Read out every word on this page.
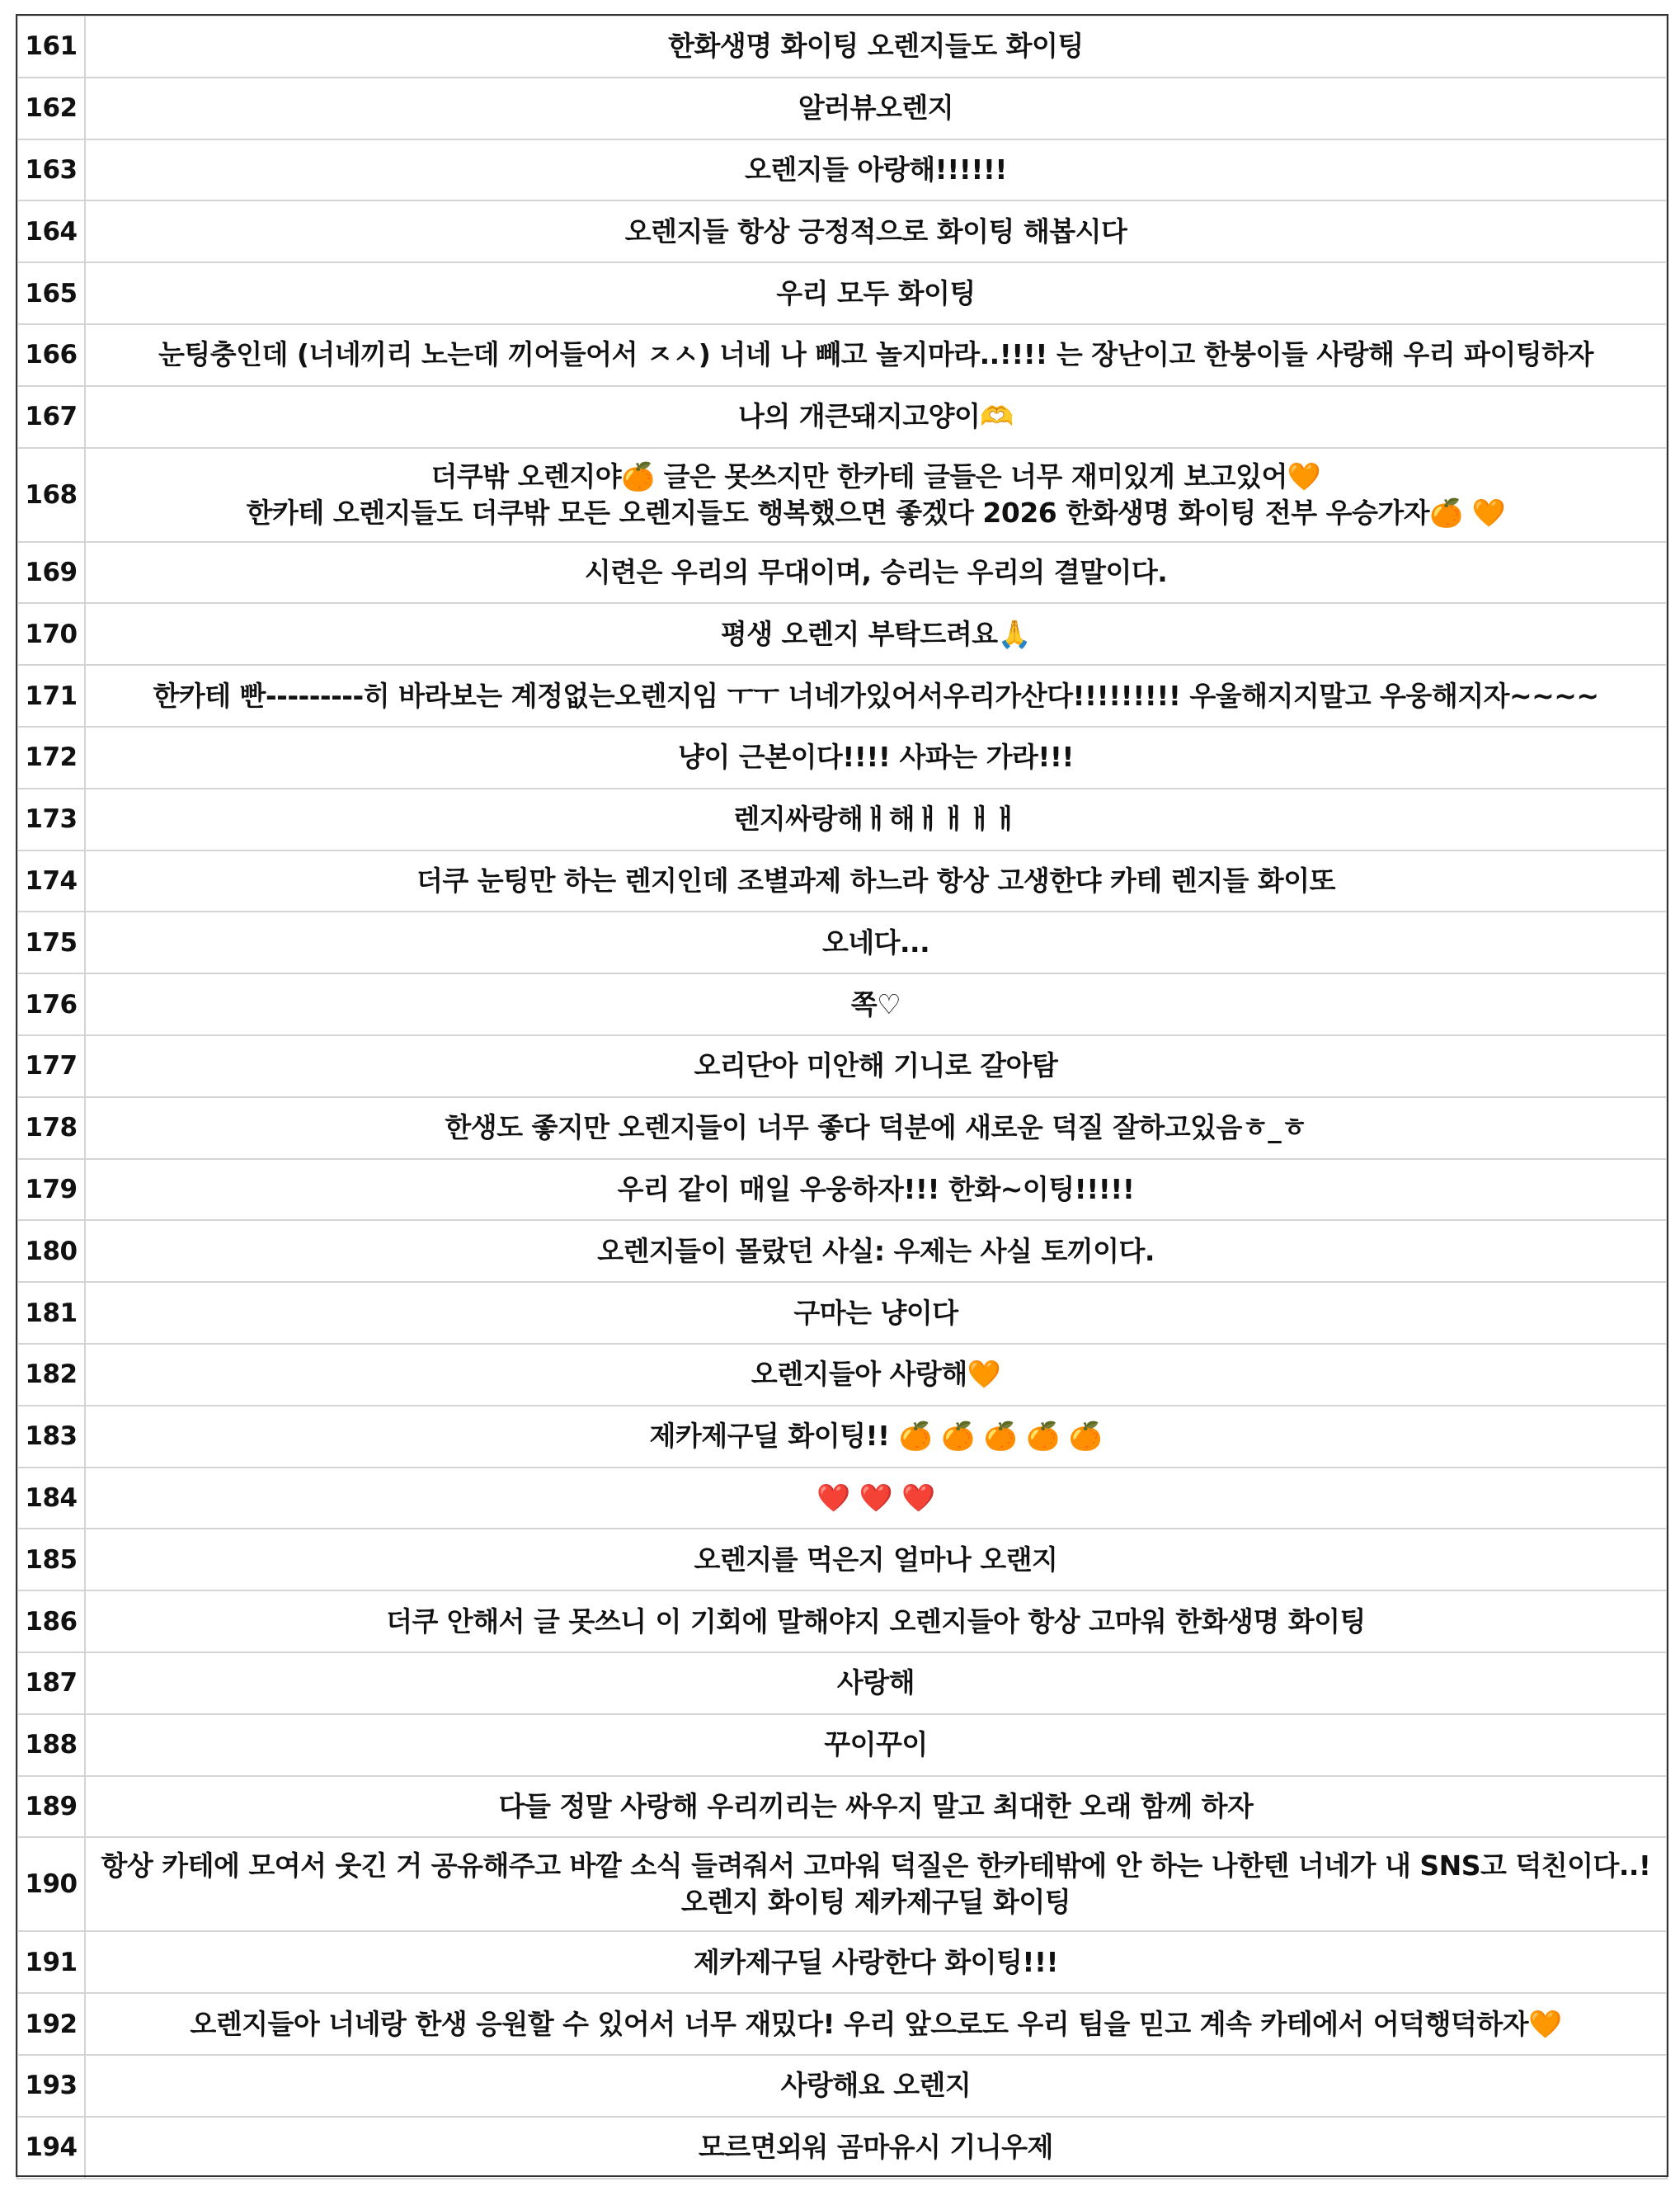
161	한화생명 화이팅 오렌지들도 화이팅
162	알러뷰오렌지
163	오렌지들 아랑해!!!!!!
164	오렌지들 항상 긍정적으로 화이팅 해봅시다
165	우리 모두 화이팅
166	눈팅충인데 (너네끼리 노는데 끼어들어서 ㅈㅅ) 너네 나 빼고 놀지마라..!!!! 는 장난이고 한붕이들 사랑해 우리 파이팅하자
167	나의 개큰돼지고양이🫶
168	더쿠밖 오렌지야🍊 글은 못쓰지만 한카테 글들은 너무 재미있게 보고있어🧡
한카테 오렌지들도 더쿠밖 모든 오렌지들도 행복했으면 좋겠다 2026 한화생명 화이팅 전부 우승가자🍊 🧡
169	시련은 우리의 무대이며, 승리는 우리의 결말이다.
170	평생 오렌지 부탁드려요🙏
171	한카테 빤---------히 바라보는 계정없는오렌지임 ㅜㅜ 너네가있어서우리가산다!!!!!!!!! 우울해지지말고 우웅해지자~~~~
172	냥이 근본이다!!!! 사파는 가라!!!
173	렌지싸랑해ㅐ해ㅐㅐㅐㅐ
174	더쿠 눈팅만 하는 렌지인데 조별과제 하느라 항상 고생한댜 카테 렌지들 화이또
175	오네다...
176	쪽♡
177	오리단아 미안해 기니로 갈아탐
178	한생도 좋지만 오렌지들이 너무 좋다 덕분에 새로운 덕질 잘하고있음ㅎ_ㅎ
179	우리 같이 매일 우웅하자!!! 한화~이팅!!!!!
180	오렌지들이 몰랐던 사실: 우제는 사실 토끼이다.
181	구마는 냥이다
182	오렌지들아 사랑해🧡
183	제카제구딜 화이팅!! 🍊 🍊 🍊 🍊 🍊
184	❤️ ❤️ ❤️
185	오렌지를 먹은지 얼마나 오랜지
186	더쿠 안해서 글 못쓰니 이 기회에 말해야지 오렌지들아 항상 고마워 한화생명 화이팅
187	사랑해
188	꾸이꾸이
189	다들 정말 사랑해 우리끼리는 싸우지 말고 최대한 오래 함께 하자
190	항상 카테에 모여서 웃긴 거 공유해주고 바깥 소식 들려줘서 고마워 덕질은 한카테밖에 안 하는 나한텐 너네가 내 SNS고 덕친이다..!
오렌지 화이팅 제카제구딜 화이팅
191	제카제구딜 사랑한다 화이팅!!!
192	오렌지들아 너네랑 한생 응원할 수 있어서 너무 재밌다! 우리 앞으로도 우리 팀을 믿고 계속 카테에서 어덕행덕하자🧡
193	사랑해요 오렌지
194	모르면외워 곰마유시 기니우제
